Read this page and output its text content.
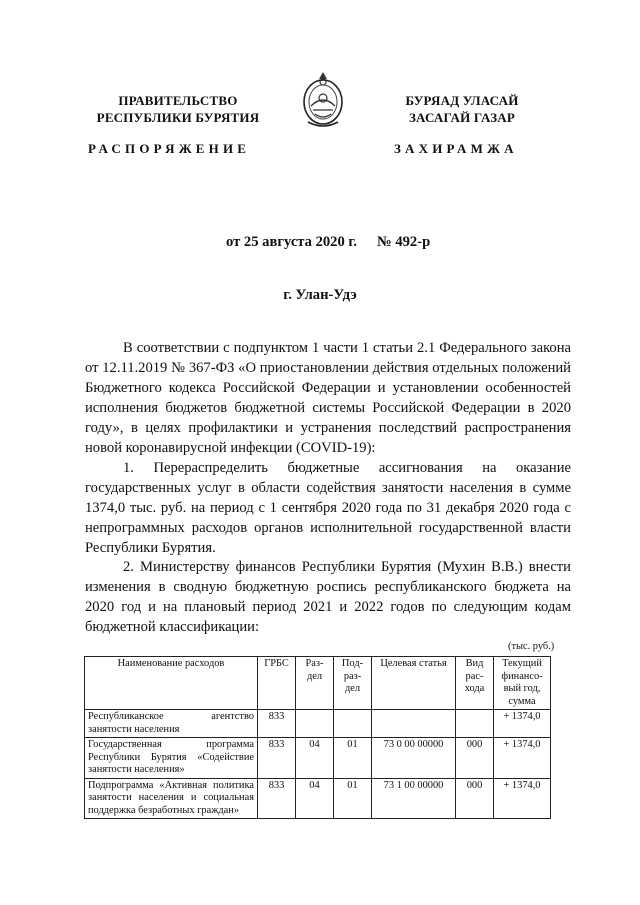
ПРАВИТЕЛЬСТВО
РЕСПУБЛИКИ БУРЯТИЯ
БУРЯАД УЛАСАЙ
ЗАСАГАЙ ГАЗАР
РАСПОРЯЖЕНИЕ	ЗАХИРАМЖА
от 25 августа 2020 г. № 492-р
г. Улан-Удэ
В соответствии с подпунктом 1 части 1 статьи 2.1 Федерального закона от 12.11.2019 № 367-ФЗ «О приостановлении действия отдельных положений Бюджетного кодекса Российской Федерации и установлении особенностей исполнения бюджетов бюджетной системы Российской Федерации в 2020 году», в целях профилактики и устранения последствий распространения новой коронавирусной инфекции (COVID-19):
1. Перераспределить бюджетные ассигнования на оказание государственных услуг в области содействия занятости населения в сумме 1374,0 тыс. руб. на период с 1 сентября 2020 года по 31 декабря 2020 года с непрограммных расходов органов исполнительной государственной власти Республики Бурятия.
2. Министерству финансов Республики Бурятия (Мухин В.В.) внести изменения в сводную бюджетную роспись республиканского бюджета на 2020 год и на плановый период 2021 и 2022 годов по следующим кодам бюджетной классификации:
(тыс. руб.)
Наименование расходов	ГРБС	Раз-дел	Под-раз-дел	Целевая статья	Вид рас-хода	Текущий финансо-вый год, сумма
Республиканское агентство занятости населения	833					+ 1374,0
Государственная программа Республики Бурятия «Содействие занятости населения»	833	04	01	73 0 00 00000	000	+ 1374,0
Подпрограмма «Активная политика занятости населения и социальная поддержка безработных граждан»	833	04	01	73 1 00 00000	000	+ 1374,0
